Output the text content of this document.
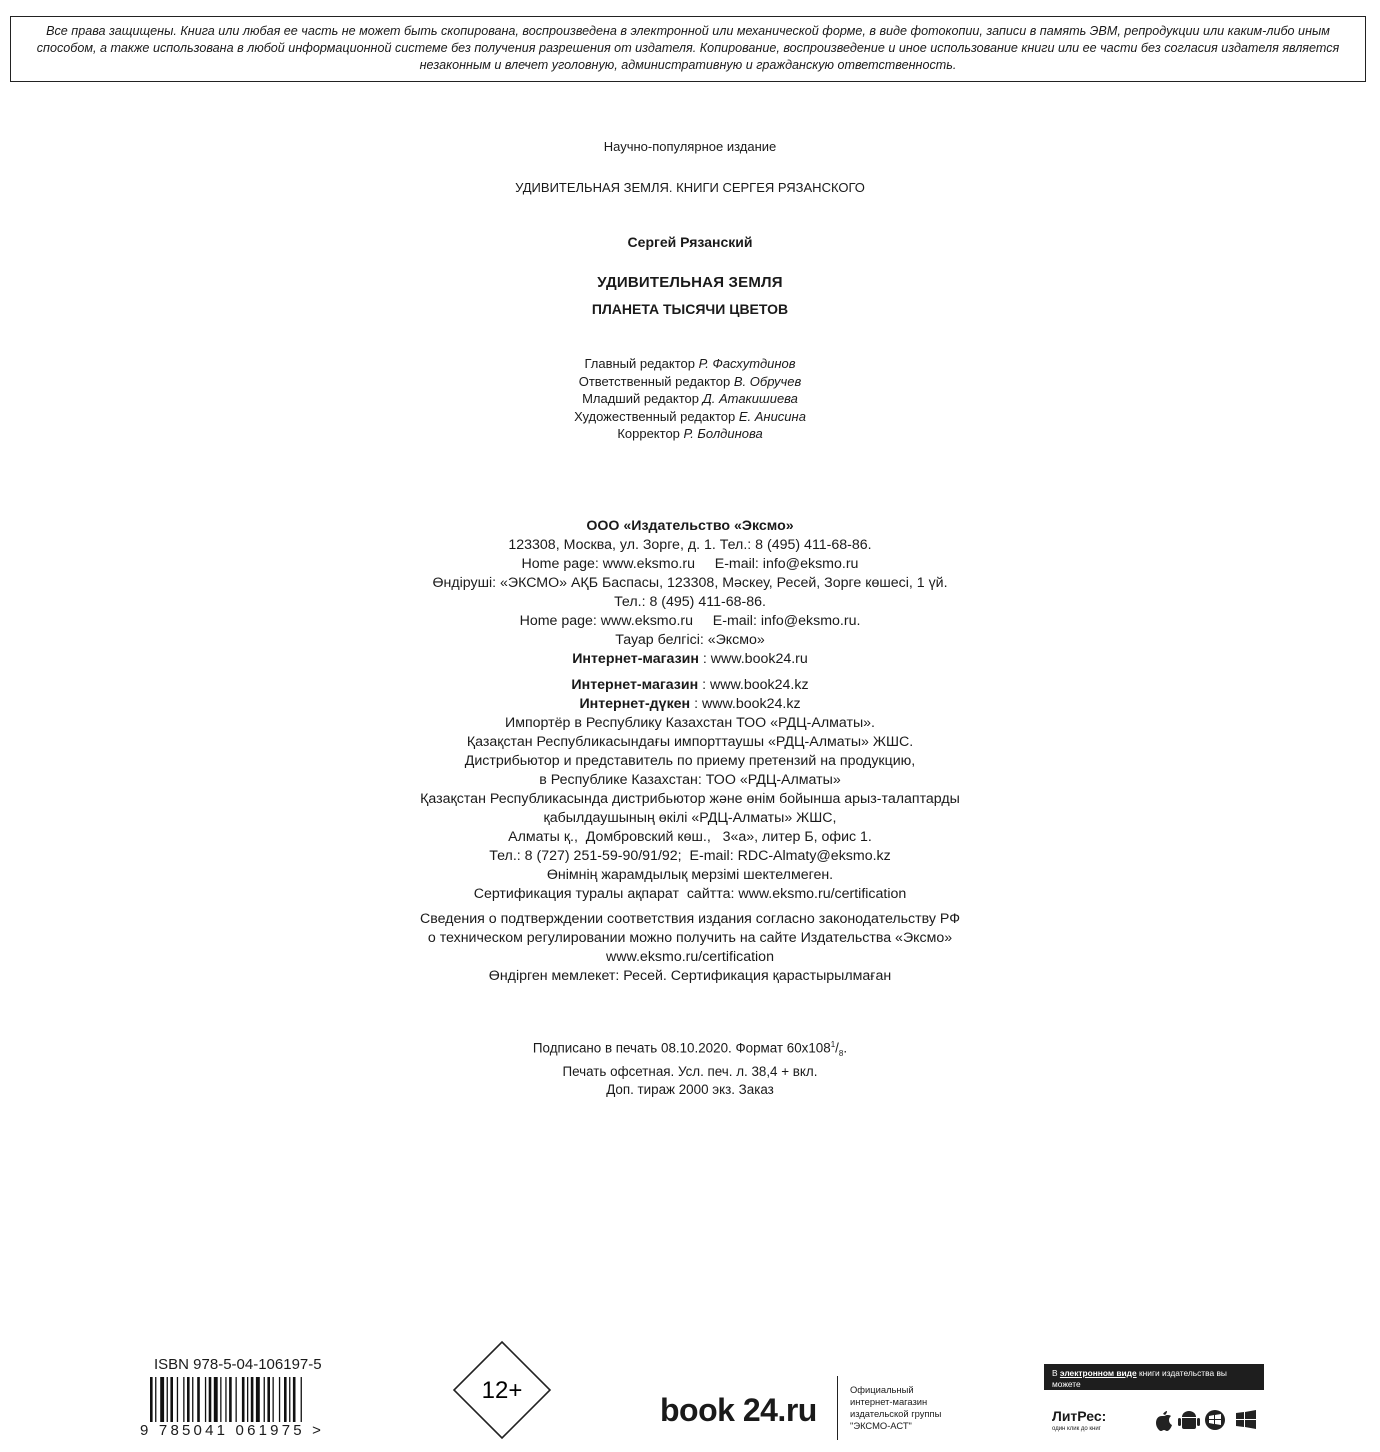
Все права защищены. Книга или любая ее часть не может быть скопирована, воспроизведена в электронной или механической форме, в виде фотокопии, записи в память ЭВМ, репродукции или каким-либо иным способом, а также использована в любой информационной системе без получения разрешения от издателя. Копирование, воспроизведение и иное использование книги или ее части без согласия издателя является незаконным и влечет уголовную, административную и гражданскую ответственность.
Научно-популярное издание
УДИВИТЕЛЬНАЯ ЗЕМЛЯ. КНИГИ СЕРГЕЯ РЯЗАНСКОГО
Сергей Рязанский
УДИВИТЕЛЬНАЯ ЗЕМЛЯ
ПЛАНЕТА ТЫСЯЧИ ЦВЕТОВ
Главный редактор Р. Фасхутдинов
Ответственный редактор В. Обручев
Младший редактор Д. Атакишиева
Художественный редактор Е. Анисина
Корректор Р. Болдинова
ООО «Издательство «Эксмо»
123308, Москва, ул. Зорге, д. 1. Тел.: 8 (495) 411-68-86.
Home page: www.eksmo.ru     E-mail: info@eksmo.ru
Өндіруші: «ЭКСМО» АҚБ Баспасы, 123308, Мәскеу, Ресей, Зорге көшесі, 1 үй.
Тел.: 8 (495) 411-68-86.
Home page: www.eksmo.ru     E-mail: info@eksmo.ru.
Тауар белгісі: «Эксмо»
Интернет-магазин : www.book24.ru
Интернет-магазин : www.book24.kz
Интернет-дүкен : www.book24.kz
Импортёр в Республику Казахстан ТОО «РДЦ-Алматы».
Қазақстан Республикасындағы импорттаушы «РДЦ-Алматы» ЖШС.
Дистрибьютор и представитель по приему претензий на продукцию,
в Республике Казахстан: ТОО «РДЦ-Алматы»
Қазақстан Республикасында дистрибьютор және өнім бойынша арыз-талаптарды
қабылдаушының өкілі «РДЦ-Алматы» ЖШС,
Алматы қ.,  Домбровский көш.,   3«а», литер Б, офис 1.
Тел.: 8 (727) 251-59-90/91/92;  E-mail: RDC-Almaty@eksmo.kz
Өнімнің жарамдылық мерзімі шектелмеген.
Сертификация туралы ақпарат  сайтта: www.eksmo.ru/certification
Сведения о подтверждении соответствия издания согласно законодательству РФ
о техническом регулировании можно получить на сайте Издательства «Эксмо»
www.eksmo.ru/certification
Өндірген мемлекет: Ресей. Сертификация қарастырылмаған
Подписано в печать 08.10.2020. Формат $60x108^1/_8$.
Печать офсетная. Усл. печ. л. 38,4 + вкл.
Доп. тираж 2000 экз. Заказ
ISBN 978-5-04-106197-5
9 785041 061975 >
12+
book 24.ru
Официальный
интернет-магазин
издательской группы
"ЭКСМО-АСТ"
В электронном виде книги издательства вы можете
купить на www.litres.ru
ЛитРес:
один клик до книг
